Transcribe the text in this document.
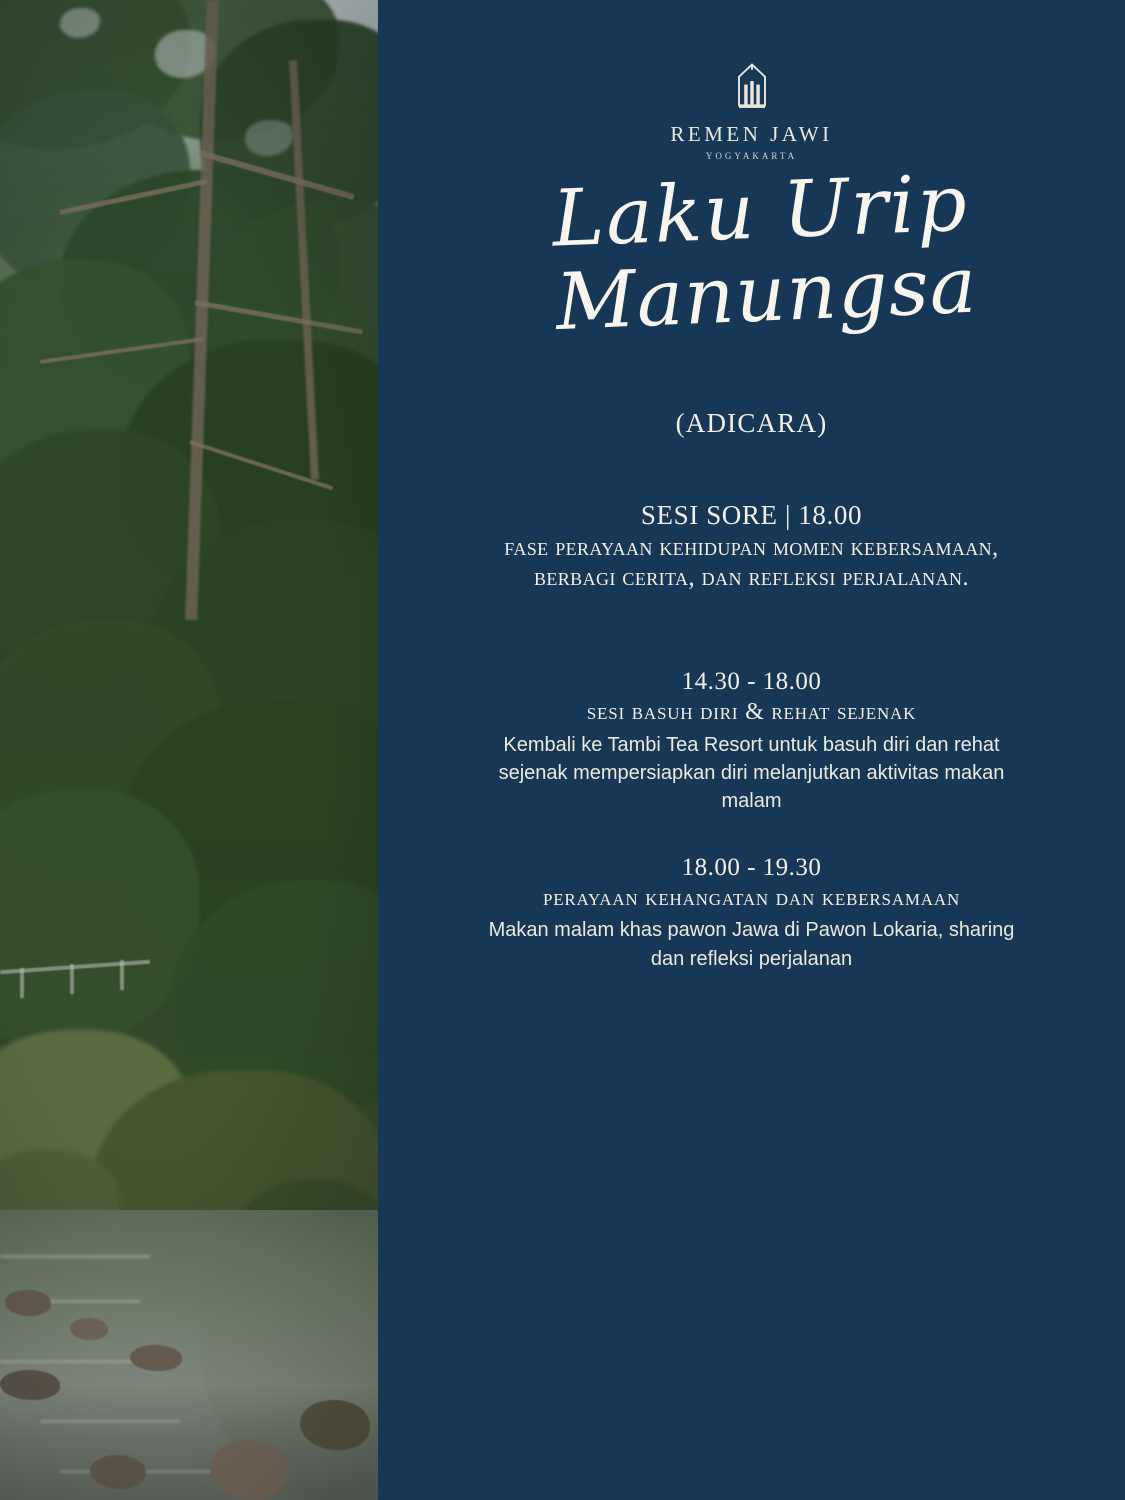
REMEN JAWI
YOGYAKARTA
Laku Urip
Manungsa
(ADICARA)
SESI SORE | 18.00
fase perayaan kehidupan momen kebersamaan, berbagi cerita, dan refleksi perjalanan.
14.30 - 18.00
sesi basuh diri & rehat sejenak
Kembali ke Tambi Tea Resort untuk basuh diri dan rehat sejenak mempersiapkan diri melanjutkan aktivitas makan malam
18.00 - 19.30
perayaan kehangatan dan kebersamaan
Makan malam khas pawon Jawa di Pawon Lokaria, sharing dan refleksi perjalanan
